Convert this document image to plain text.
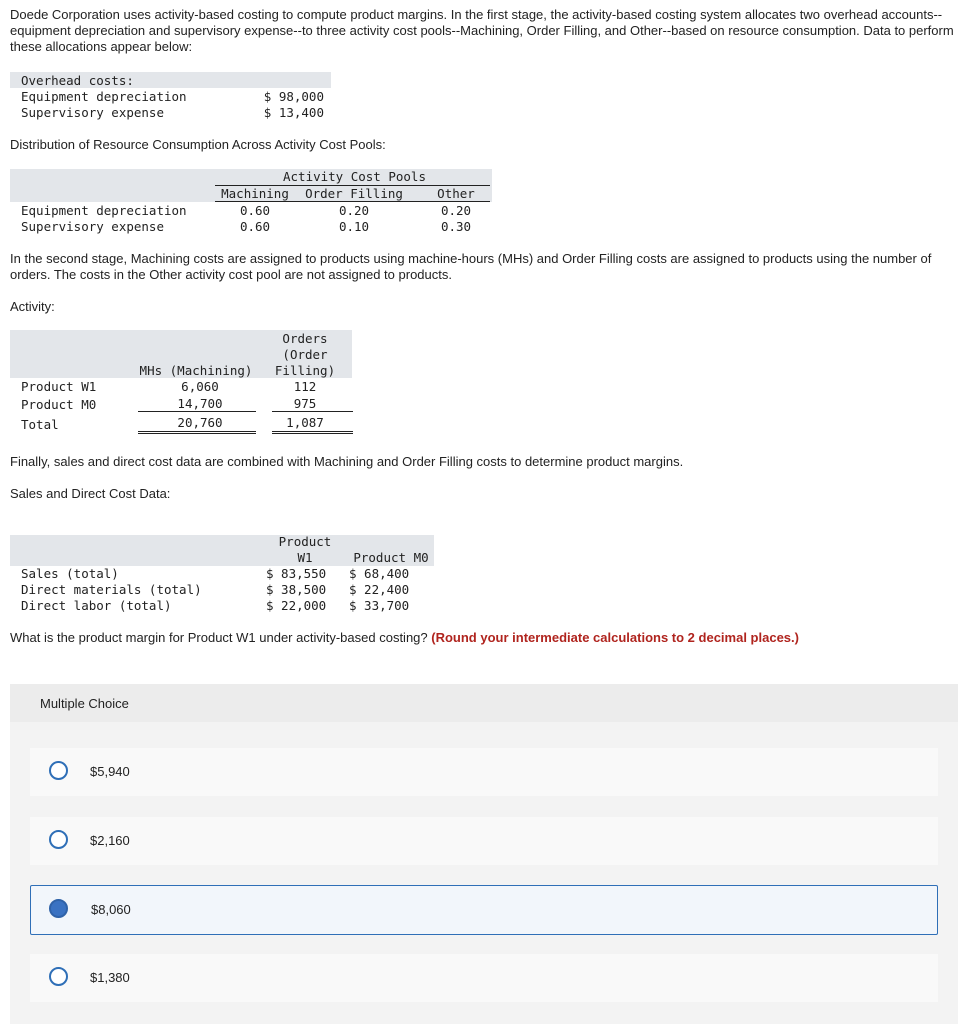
Doede Corporation uses activity-based costing to compute product margins. In the first stage, the activity-based costing system allocates two overhead accounts--
equipment depreciation and supervisory expense--to three activity cost pools--Machining, Order Filling, and Other--based on resource consumption. Data to perform
these allocations appear below:
Overhead costs:
Equipment depreciation	$ 98,000
Supervisory expense	$ 13,400
Distribution of Resource Consumption Across Activity Cost Pools:
Activity Cost Pools
Machining	Order Filling	Other
Equipment depreciation	0.60	0.20	0.20
Supervisory expense	0.60	0.10	0.30
In the second stage, Machining costs are assigned to products using machine-hours (MHs) and Order Filling costs are assigned to products using the number of
orders. The costs in the Other activity cost pool are not assigned to products.
Activity:
Orders
(Order
Filling)
MHs (Machining)
Product W1	6,060	112
Product M0	14,700	975
Total	20,760	1,087
Finally, sales and direct cost data are combined with Machining and Order Filling costs to determine product margins.
Sales and Direct Cost Data:
Product
W1	Product M0
Sales (total)	$ 83,550 $ 68,400
Direct materials (total)	$ 38,500 $ 22,400
Direct labor (total)	$ 22,000 $ 33,700
What is the product margin for Product W1 under activity-based costing? (Round your intermediate calculations to 2 decimal places.)
Multiple Choice
$5,940
$2,160
$8,060
$1,380
